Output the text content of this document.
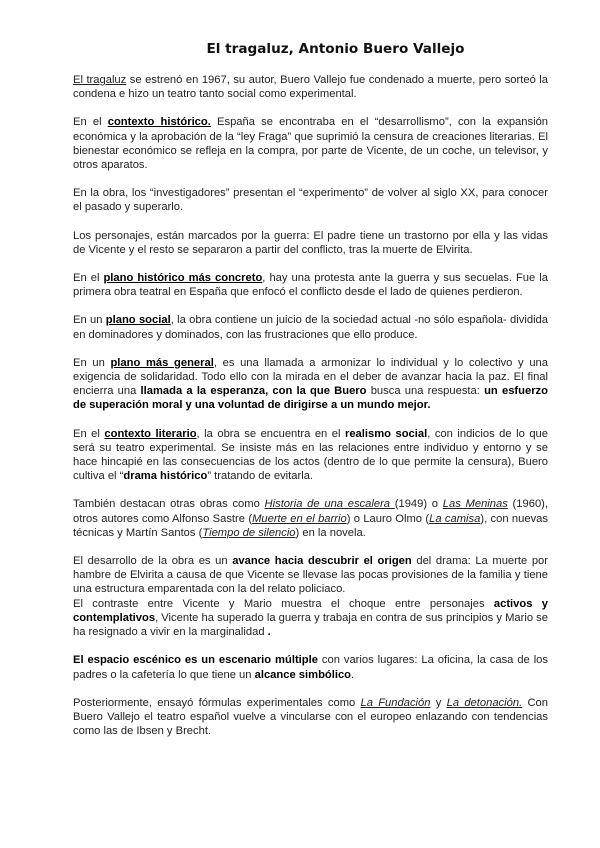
El tragaluz, Antonio Buero Vallejo

El tragaluz se estrenó en 1967, su autor, Buero Vallejo fue condenado a muerte, pero sorteó la condena e hizo un teatro tanto social como experimental.

En el contexto histórico. España se encontraba en el “desarrollismo”, con la expansión económica y la aprobación de la “ley Fraga” que suprimió la censura de creaciones literarias. El bienestar económico se refleja en la compra, por parte de Vicente, de un coche, un televisor, y otros aparatos.

En la obra, los “investigadores” presentan el “experimento” de volver al siglo XX, para conocer el pasado y superarlo.

Los personajes, están marcados por la guerra: El padre tiene un trastorno por ella y las vidas de Vicente y el resto se separaron a partir del conflicto, tras la muerte de Elvirita.

En el plano histórico más concreto, hay una protesta ante la guerra y sus secuelas. Fue la primera obra teatral en España que enfocó el conflicto desde el lado de quienes perdieron.

En un plano social, la obra contiene un juicio de la sociedad actual -no sólo española- dividida en dominadores y dominados, con las frustraciones que ello produce.

En un plano más general, es una llamada a armonizar lo individual y lo colectivo y una exigencia de solidaridad. Todo ello con la mirada en el deber de avanzar hacia la paz. El final encierra una llamada a la esperanza, con la que Buero busca una respuesta: un esfuerzo de superación moral y una voluntad de dirigirse a un mundo mejor.

En el contexto literario, la obra se encuentra en el realismo social, con indicios de lo que será su teatro experimental. Se insiste más en las relaciones entre individuo y entorno y se hace hincapié en las consecuencias de los actos (dentro de lo que permite la censura), Buero cultiva el “drama histórico” tratando de evitarla.

También destacan otras obras como Historia de una escalera (1949) o Las Meninas (1960), otros autores como Alfonso Sastre (Muerte en el barrio) o Lauro Olmo (La camisa), con nuevas técnicas y Martín Santos (Tiempo de silencio) en la novela.

El desarrollo de la obra es un avance hacia descubrir el origen del drama: La muerte por hambre de Elvirita a causa de que Vicente se llevase las pocas provisiones de la familia y tiene una estructura emparentada con la del relato policiaco.

El contraste entre Vicente y Mario muestra el choque entre personajes activos y contemplativos, Vicente ha superado la guerra y trabaja en contra de sus principios y Mario se ha resignado a vivir en la marginalidad .

El espacio escénico es un escenario múltiple con varios lugares: La oficina, la casa de los padres o la cafetería lo que tiene un alcance simbólico.

Posteriormente, ensayó fórmulas experimentales como La Fundación y La detonación. Con Buero Vallejo el teatro español vuelve a vincularse con el europeo enlazando con tendencias como las de Ibsen y Brecht.
